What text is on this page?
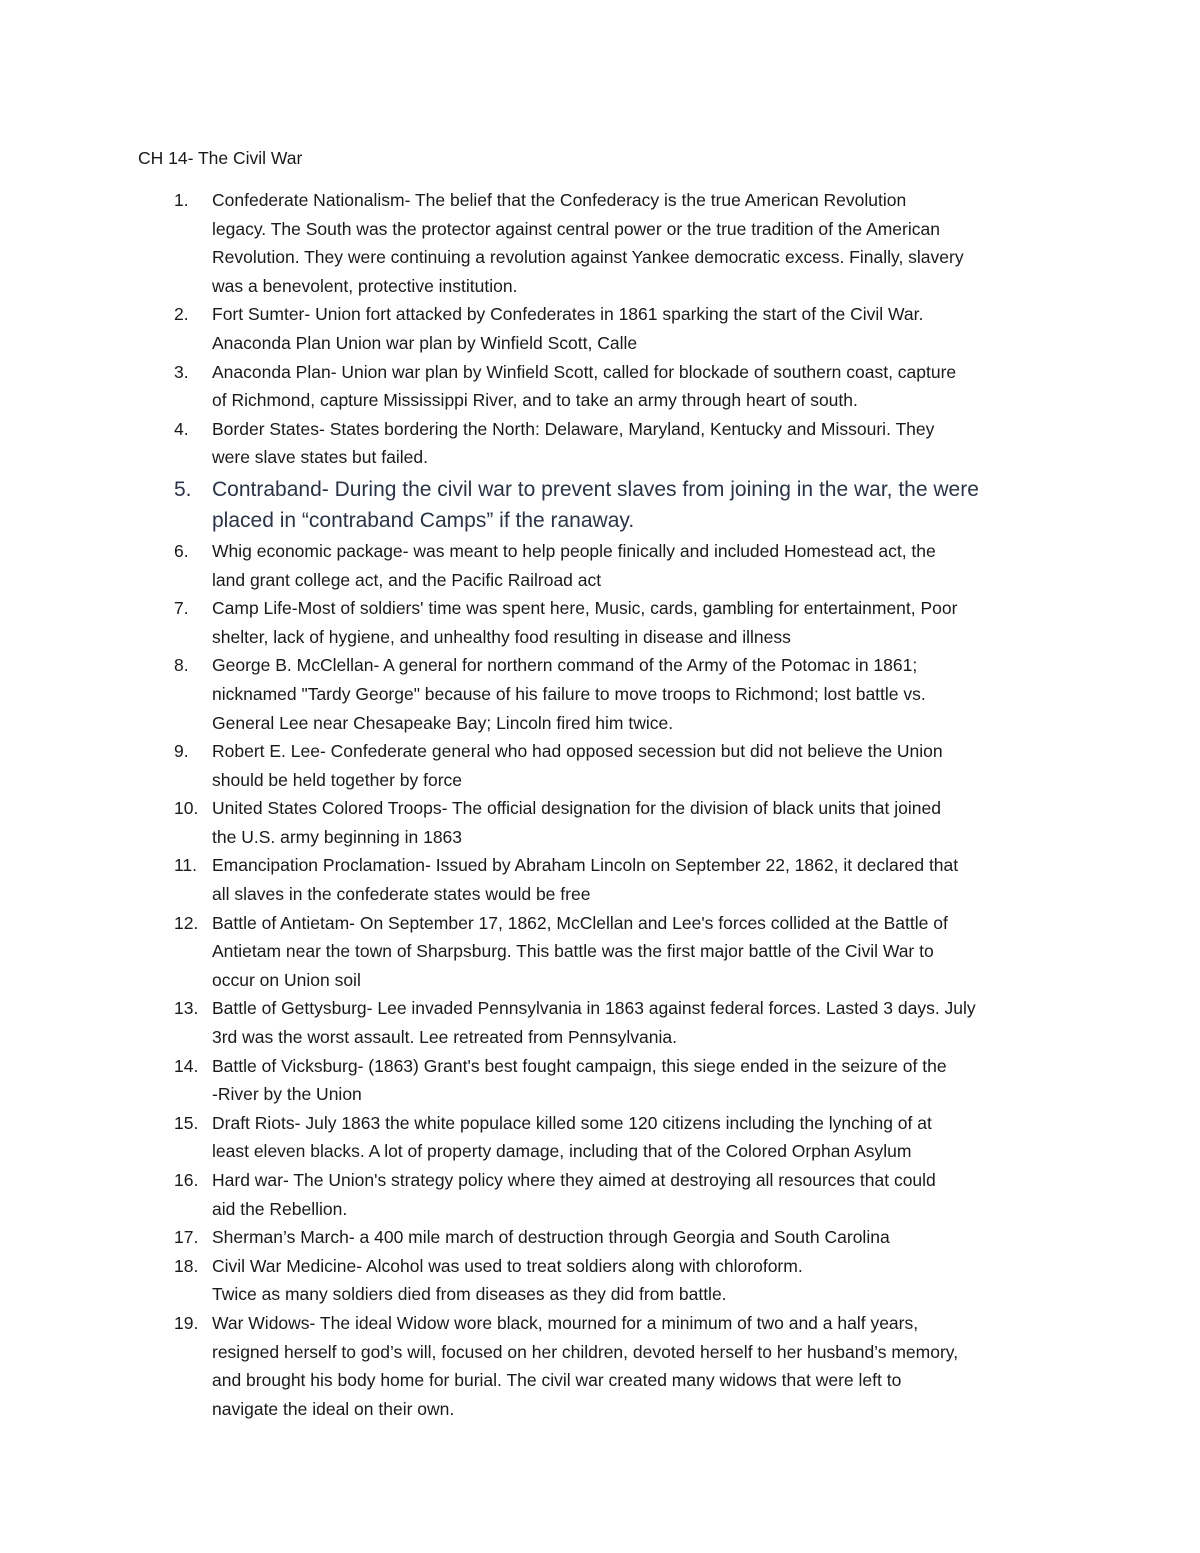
CH 14- The Civil War
1.	Confederate Nationalism- The belief that the Confederacy is the true American Revolution
legacy. The South was the protector against central power or the true tradition of the American
Revolution. They were continuing a revolution against Yankee democratic excess. Finally, slavery
was a benevolent, protective institution.
2.	Fort Sumter- Union fort attacked by Confederates in 1861 sparking the start of the Civil War.
Anaconda Plan Union war plan by Winfield Scott, Calle
3.	Anaconda Plan- Union war plan by Winfield Scott, called for blockade of southern coast, capture
of Richmond, capture Mississippi River, and to take an army through heart of south.
4.	Border States- States bordering the North: Delaware, Maryland, Kentucky and Missouri. They
were slave states but failed.
5. Contraband- During the civil war to prevent slaves from joining in the war, the were
placed in “contraband Camps” if the ranaway.
6.	Whig economic package- was meant to help people finically and included Homestead act, the
land grant college act, and the Pacific Railroad act
7.	Camp Life-Most of soldiers' time was spent here, Music, cards, gambling for entertainment, Poor
shelter, lack of hygiene, and unhealthy food resulting in disease and illness
8.	George B. McClellan- A general for northern command of the Army of the Potomac in 1861;
nicknamed "Tardy George" because of his failure to move troops to Richmond; lost battle vs.
General Lee near Chesapeake Bay; Lincoln fired him twice.
9.	Robert E. Lee- Confederate general who had opposed secession but did not believe the Union
should be held together by force
10. United States Colored Troops- The official designation for the division of black units that joined
the U.S. army beginning in 1863
11. Emancipation Proclamation- Issued by Abraham Lincoln on September 22, 1862, it declared that
all slaves in the confederate states would be free
12. Battle of Antietam- On September 17, 1862, McClellan and Lee's forces collided at the Battle of
Antietam near the town of Sharpsburg. This battle was the first major battle of the Civil War to
occur on Union soil
13. Battle of Gettysburg- Lee invaded Pennsylvania in 1863 against federal forces. Lasted 3 days. July
3rd was the worst assault. Lee retreated from Pennsylvania.
14. Battle of Vicksburg- (1863) Grant's best fought campaign, this siege ended in the seizure of the
-River by the Union
15. Draft Riots- July 1863 the white populace killed some 120 citizens including the lynching of at
least eleven blacks. A lot of property damage, including that of the Colored Orphan Asylum
16. Hard war- The Union's strategy policy where they aimed at destroying all resources that could
aid the Rebellion.
17. Sherman’s March- a 400 mile march of destruction through Georgia and South Carolina
18. Civil War Medicine- Alcohol was used to treat soldiers along with chloroform.
Twice as many soldiers died from diseases as they did from battle.
19. War Widows- The ideal Widow wore black, mourned for a minimum of two and a half years,
resigned herself to god’s will, focused on her children, devoted herself to her husband’s memory,
and brought his body home for burial. The civil war created many widows that were left to
navigate the ideal on their own.
